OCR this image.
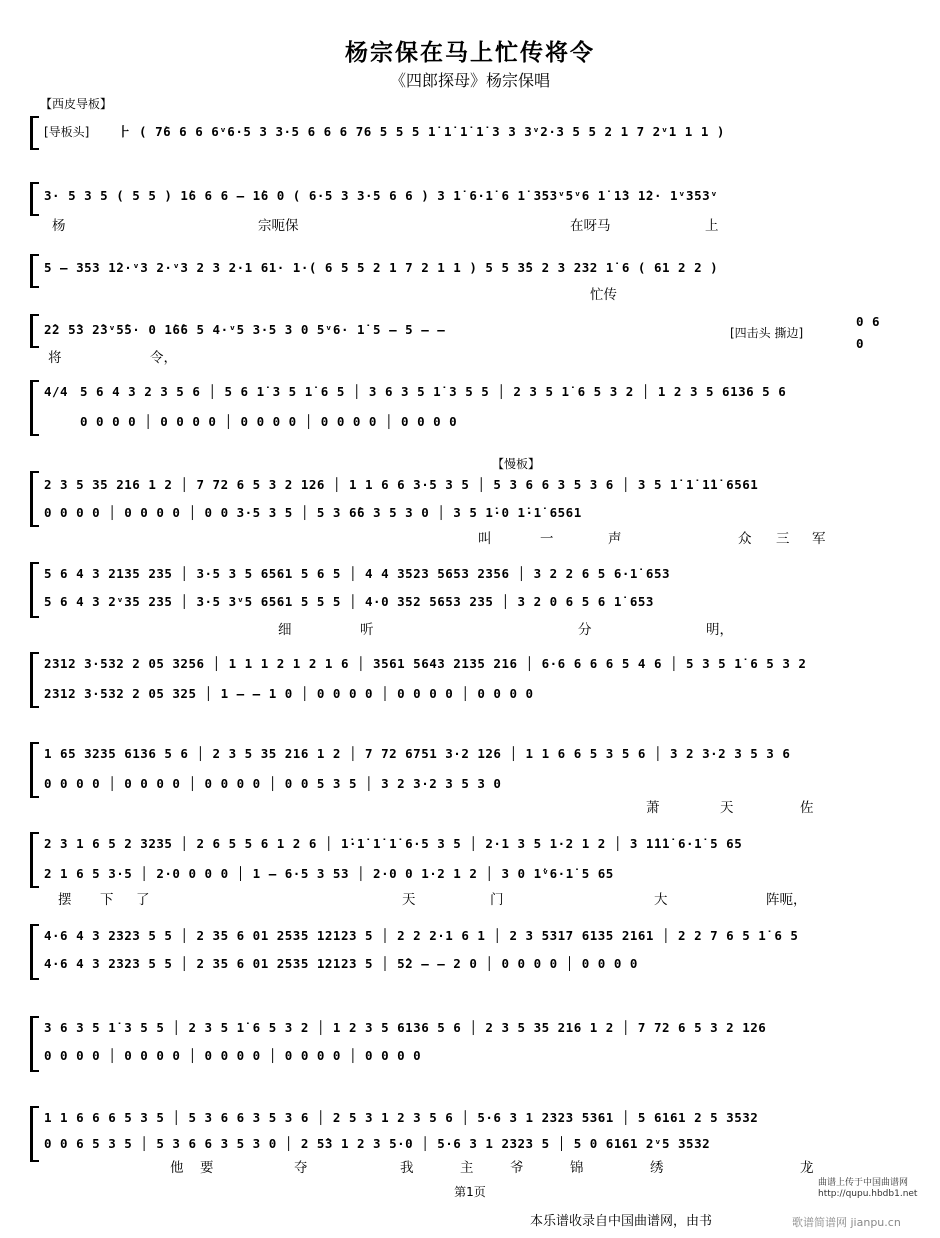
杨宗保在马上忙传将令
《四郎探母》杨宗保唱
【西皮导板】
[导板头] ⺊ ( 7̇6 6 6 6ᵛ6·5 3 3·5 6 6 6 76 5 5 5 1̇ 1̇ 1̇ 1̇ 3 3 3ᵛ2·3 5 5 2 1 7 2ᵛ1 1 1 )
3· 5 3 5 ( 5 5 ) 1̇6 6 6 — 1̇6 0 ( 6·5 3 3·5 6 6 ) 3 1̇ 6·1̇ 6 1̇ 353ᵛ5ᵛ6 1̇ 1̇3 1̇2· 1ᵛ353ᵛ
杨	宗呃保	在呀马	上
5 — 353 1̇2·ᵛ3 2·ᵛ3 2 3 2·1 61· 1·( 6 5 5 2 1 7 2 1 1 ) 5 5 3̂5 2 3 232 1̇ 6 ( 61 2 2 )
忙传
2̂2 5̂3 2̂3ᵛ5̂5· 0 1̇6̂6 5 4·ᵛ5 3·5 3 0 5ᵛ6· 1̇ 5 — 5 — —
将	令，
[四击头 撕边]
0 6
0
4/4 5 6 4 3 2 3 5 6 │ 5 6 1̇ 3 5 1̇ 6 5 │ 3 6 3 5 1̇ 3 5 5 │ 2 3 5 1̇ 6 5 3 2 │ 1 2 3 5 6136 5 6
0 0 0 0 │ 0 0 0 0 │ 0 0 0 0 │ 0 0 0 0 │ 0 0 0 0
【慢板】
2 3 5 35 216 1 2 │ 7 72 6 5 3 2 126 │ 1 1 6 6 3·5 3 5 │ 5 3 6 6 3 5 3 6 │ 3 5 1̇ 1̇ 1̇1̇ 6561
0 0 0 0 │ 0 0 0 0 │ 0 0 3·5 3 5 │ 5 3 6̂6 3 5 3 0 │ 3 5 1̇·0 1̇·1̇ 6561
叫	一	声	众 三 军
5 6 4 3 2135 235 │ 3·5 3 5 6561 5 6 5 │ 4 4 3523 5653 2356 │ 3 2 2 6 5 6·1̇ 653
5 6 4 3 2ᵛ35 235 │ 3·5 3ᵛ5 6561 5 5 5 │ 4·0 352 5653 235 │ 3 2 0 6 5 6 1̇ 653
细	听	分	明，
2312 3·532 2 05 3256 │ 1 1 1 2 1 2 1 6 │ 3561 5643 2135 216 │ 6·6 6 6 6 5 4 6 │ 5 3 5 1̇ 6 5 3 2
2312 3·532 2 05 325 │ 1 — — 1 0 │ 0 0 0 0 │ 0 0 0 0 │ 0 0 0 0
1 65 3235 6136 5 6 │ 2 3 5 35 216 1 2 │ 7 72 6751 3·2 126 │ 1 1 6 6 5 3 5 6 │ 3 2 3·2 3 5 3 6
0 0 0 0 │ 0 0 0 0 │ 0 0 0 0 │ 0 0 5 3 5 │ 3 2 3·2 3 5 3 0
萧	天	佐
2 3 1 6 5 2 3235 │ 2 6 5 5 6 1 2 6 │ 1̇·1̇ 1̇ 1̇ 6·5 3 5 │ 2·1 3 5 1·2 1 2 │ 3 1̇1̇1̇ 6·1̇ 5 65
2 1 6 5 3·5 │ 2·0 0 0 0 │ 1 — 6·5 3 53 │ 2·0 0 1·2 1 2 │ 3 0 1̇ᵛ6·1̇ 5 65
摆 下 了	天	门	大	阵呃，
4·6 4 3 2323 5 5 │ 2 35 6 01 2535 12123 5 │ 2 2 2·1 6 1 │ 2 3 5317 6135 2161 │ 2 2 7 6 5 1̇ 6 5
4·6 4 3 2323 5 5 │ 2 35 6 01 2535 12123 5 │ 5̂2 — — 2 0 │ 0 0 0 0 │ 0 0 0 0
3 6 3 5 1̇ 3 5 5 │ 2 3 5 1̇ 6 5 3 2 │ 1 2 3 5 6136 5 6 │ 2 3 5 35 216 1 2 │ 7 72 6 5 3 2 126
0 0 0 0 │ 0 0 0 0 │ 0 0 0 0 │ 0 0 0 0 │ 0 0 0 0
1 1 6 6 6 5 3 5 │ 5 3 6 6 3 5 3 6 │ 2 5 3 1 2 3 5 6 │ 5·6 3 1 2323 5361 │ 5 6161 2 5 3532
0 0 6 5 3 5 │ 5 3 6 6 3 5 3 0 │ 2 5̂3 1 2 3 5·0 │ 5·6 3 1 2323 5 │ 5 0 6161 2ᵛ5 3532
他 要	夺	我	主	爷	锦	绣	龙
第1页
本乐谱收录自中国曲谱网，由书
曲谱上传于中国曲谱网
http://qupu.hbdb1.net
歌谱简谱网 jianpu.cn
